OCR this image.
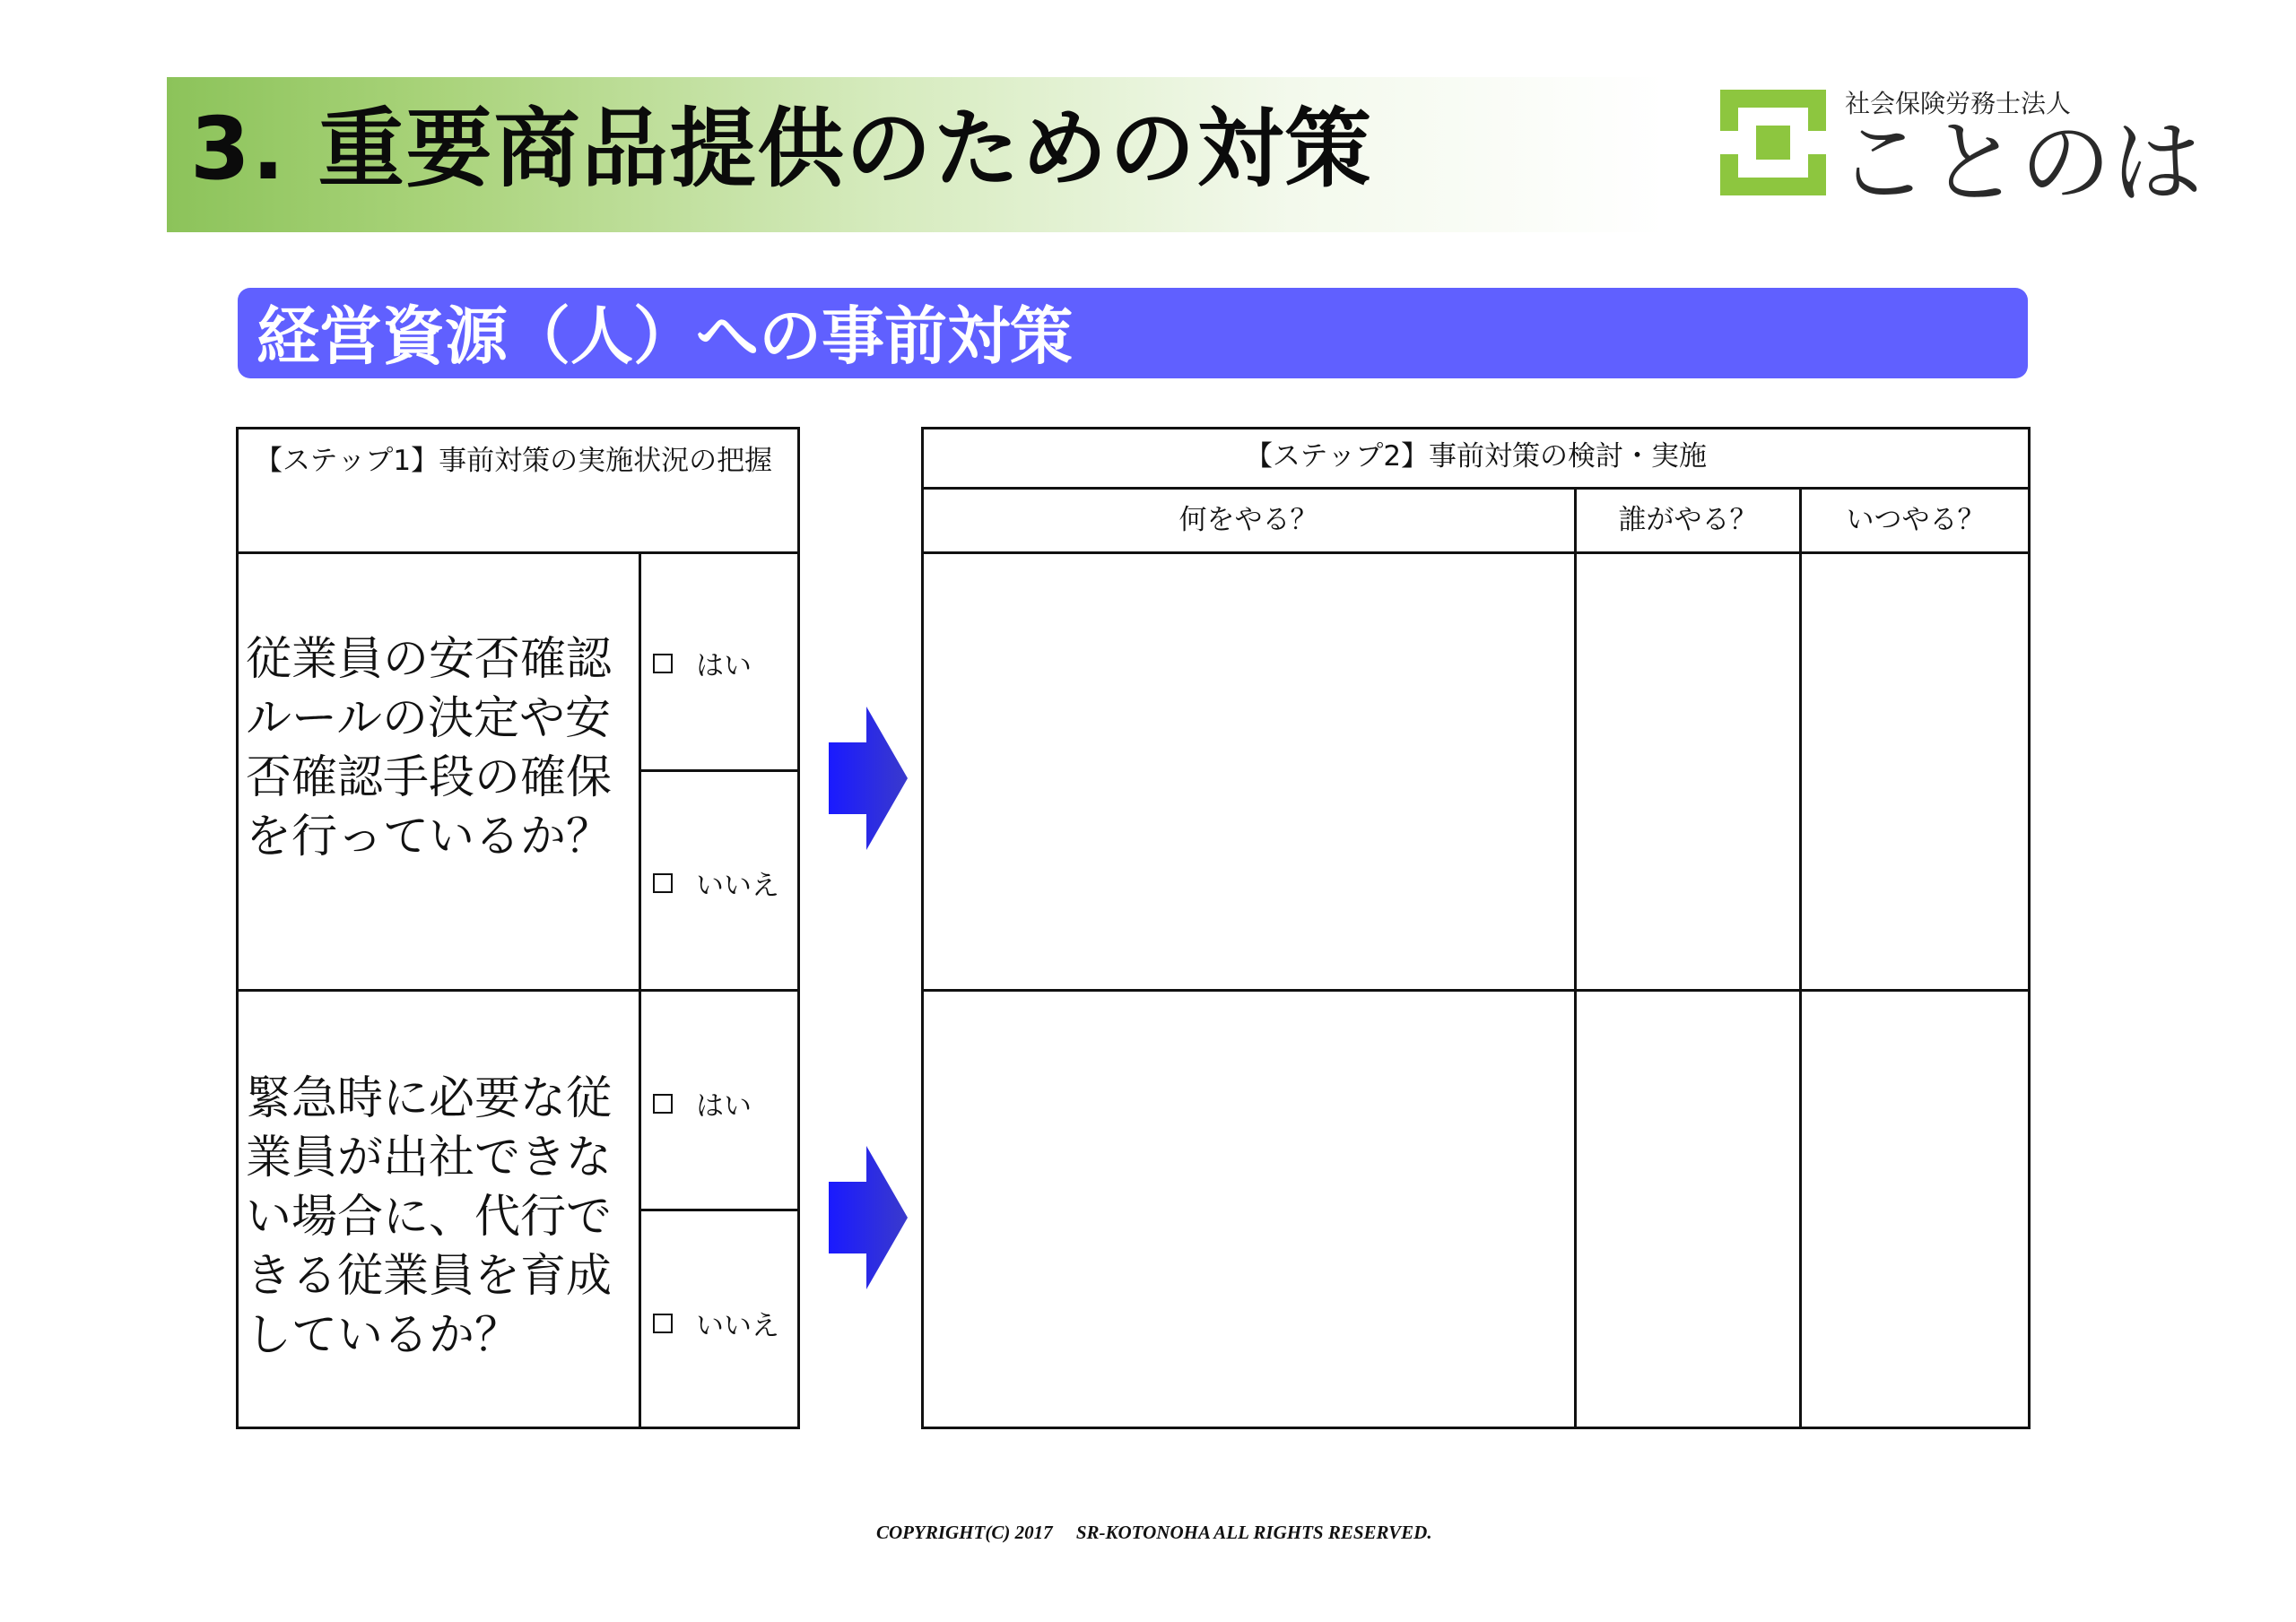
3. 重要商品提供のための対策	社会保険労務士法人
ことのは
経営資源（人）への事前対策
【ステップ1】事前対策の実施状況の把握
従業員の安否確認ルールの決定や安否確認手段の確保を行っているか？
はい
いいえ
緊急時に必要な従業員が出社できない場合に、代行できる従業員を育成しているか？
はい
いいえ
【ステップ2】事前対策の検討・実施
何をやる？	誰がやる？	いつやる？
COPYRIGHT(C) 2017     SR-KOTONOHA ALL RIGHTS RESERVED.
